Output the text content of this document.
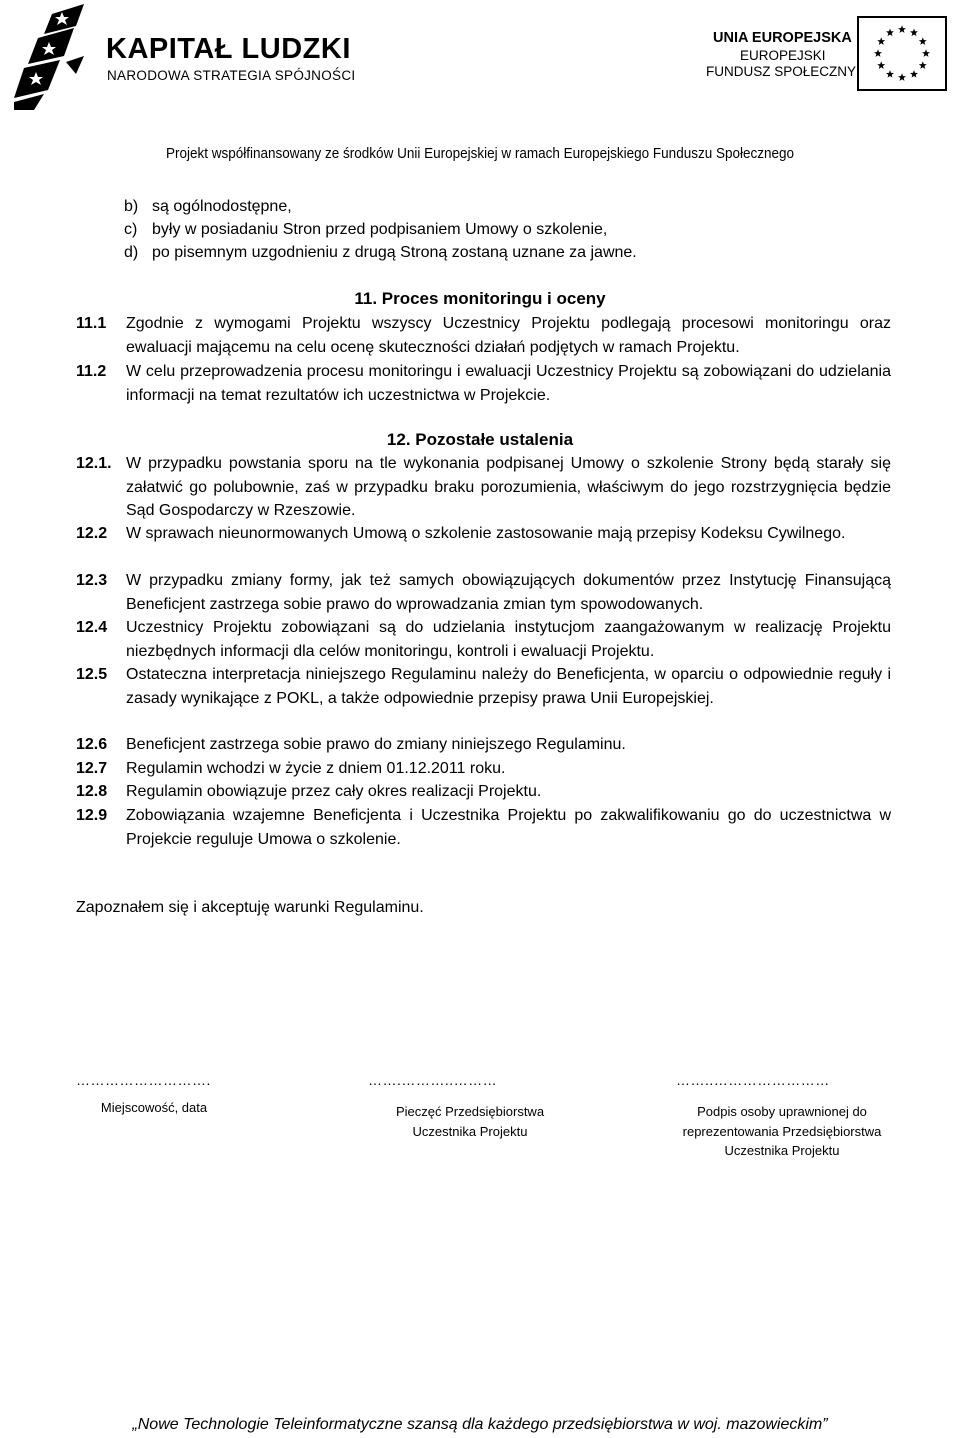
KAPITAŁ LUDZKI
NARODOWA STRATEGIA SPÓJNOŚCI
UNIA EUROPEJSKA
EUROPEJSKI
FUNDUSZ SPOŁECZNY
Projekt współfinansowany ze środków Unii Europejskiej w ramach Europejskiego Funduszu Społecznego
b) są ogólnodostępne,
c) były w posiadaniu Stron przed podpisaniem Umowy o szkolenie,
d) po pisemnym uzgodnieniu z drugą Stroną zostaną uznane za jawne.
11. Proces monitoringu i oceny
11.1 Zgodnie z wymogami Projektu wszyscy Uczestnicy Projektu podlegają procesowi monitoringu oraz ewaluacji mającemu na celu ocenę skuteczności działań podjętych w ramach Projektu.
11.2 W celu przeprowadzenia procesu monitoringu i ewaluacji Uczestnicy Projektu są zobowiązani do udzielania informacji na temat rezultatów ich uczestnictwa w Projekcie.
12. Pozostałe ustalenia
12.1. W przypadku powstania sporu na tle wykonania podpisanej Umowy o szkolenie Strony będą starały się załatwić go polubownie, zaś w przypadku braku porozumienia, właściwym do jego rozstrzygnięcia będzie Sąd Gospodarczy w Rzeszowie.
12.2 W sprawach nieunormowanych Umową o szkolenie zastosowanie mają przepisy Kodeksu Cywilnego.
12.3 W przypadku zmiany formy, jak też samych obowiązujących dokumentów przez Instytucję Finansującą Beneficjent zastrzega sobie prawo do wprowadzania zmian tym spowodowanych.
12.4 Uczestnicy Projektu zobowiązani są do udzielania instytucjom zaangażowanym w realizację Projektu niezbędnych informacji dla celów monitoringu, kontroli i ewaluacji Projektu.
12.5 Ostateczna interpretacja niniejszego Regulaminu należy do Beneficjenta, w oparciu o odpowiednie reguły i zasady wynikające z POKL, a także odpowiednie przepisy prawa Unii Europejskiej.
12.6 Beneficjent zastrzega sobie prawo do zmiany niniejszego Regulaminu.
12.7 Regulamin wchodzi w życie z dniem 01.12.2011 roku.
12.8 Regulamin obowiązuje przez cały okres realizacji Projektu.
12.9 Zobowiązania wzajemne Beneficjenta i Uczestnika Projektu po zakwalifikowaniu go do uczestnictwa w Projekcie reguluje Umowa o szkolenie.
Zapoznałem się i akceptuję warunki Regulaminu.
……………………….	…….………..………	……..……………………
Miejscowość, data	Pieczęć Przedsiębiorstwa
Uczestnika Projektu
Podpis osoby uprawnionej do
reprezentowania Przedsiębiorstwa
Uczestnika Projektu
„Nowe Technologie Teleinformatyczne szansą dla każdego przedsiębiorstwa w woj. mazowieckim”
